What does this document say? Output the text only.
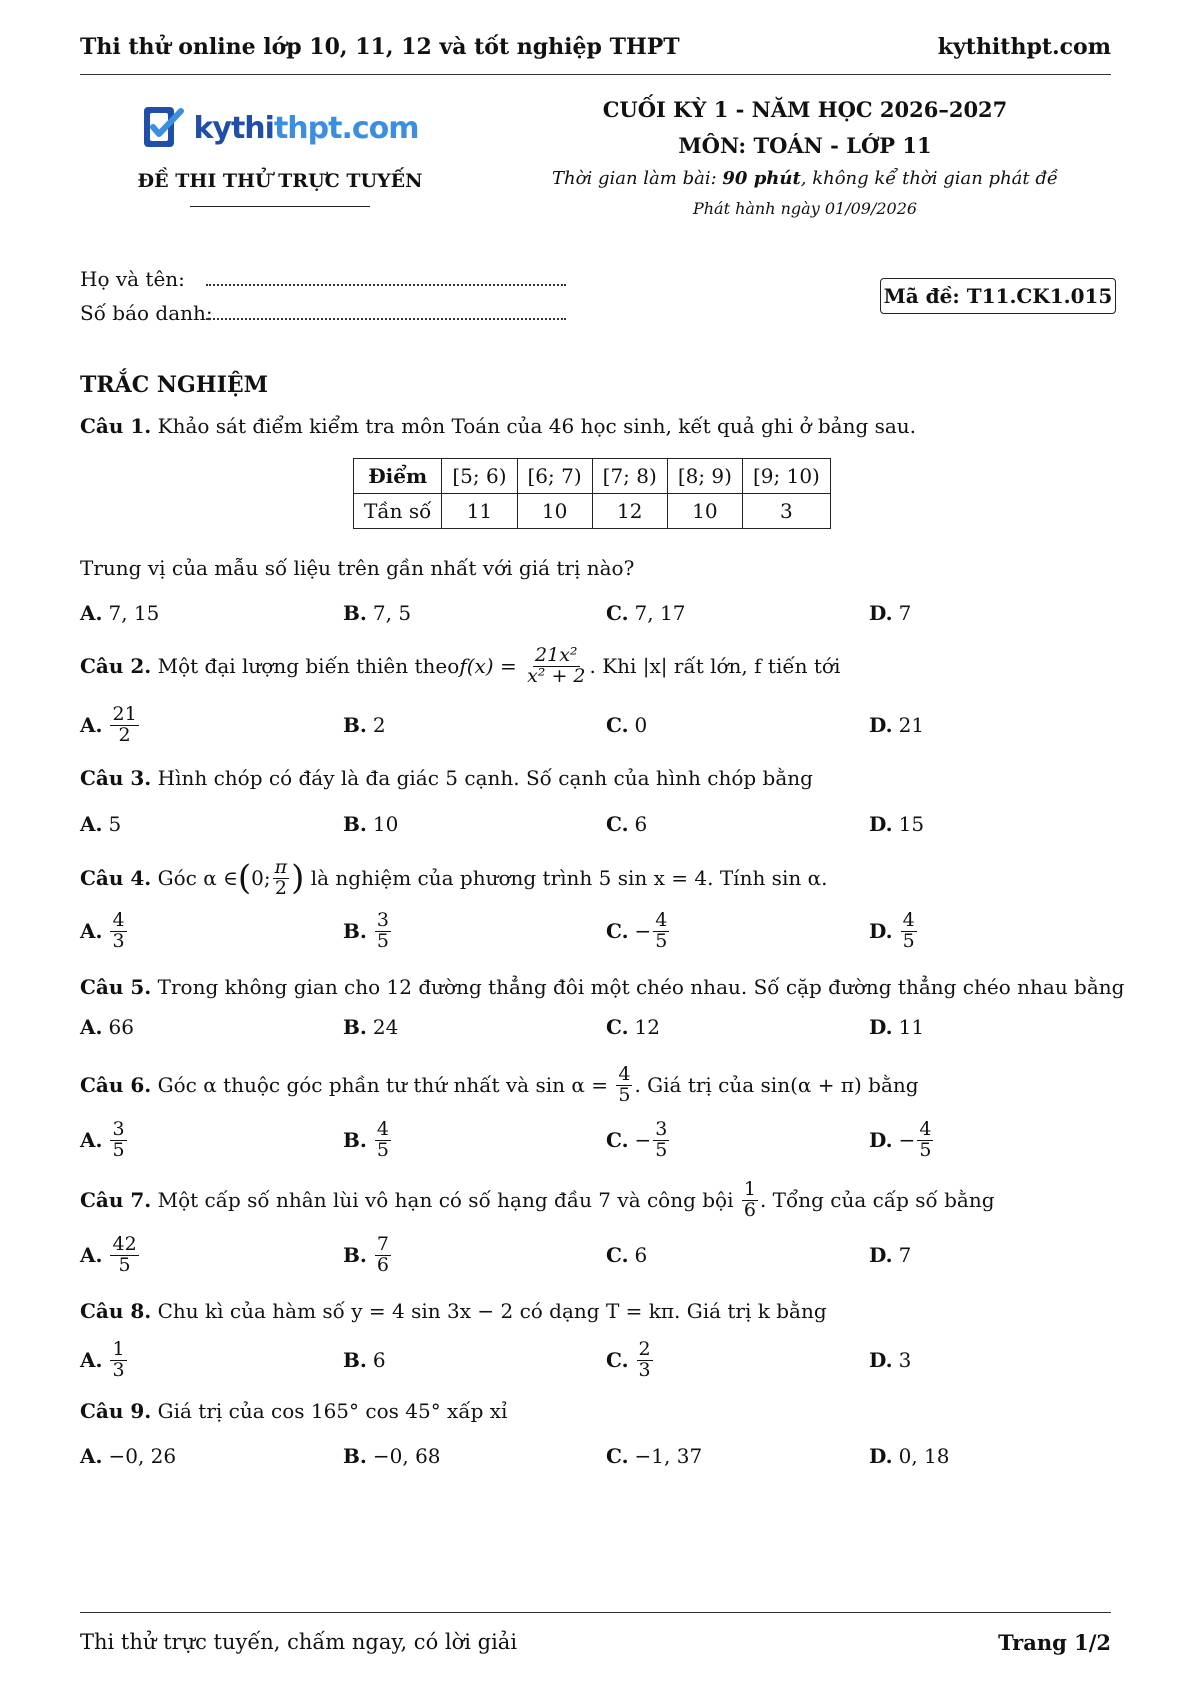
Thi thử online lớp 10, 11, 12 và tốt nghiệp THPT	kythithpt.com
kythithpt.com
ĐỀ THI THỬ TRỰC TUYẾN
CUỐI KỲ 1 - NĂM HỌC 2026–2027
MÔN: TOÁN - LỚP 11
Thời gian làm bài: 90 phút, không kể thời gian phát đề
Phát hành ngày 01/09/2026
Họ và tên:
Số báo danh:
Mã đề: T11.CK1.015
TRẮC NGHIỆM
Câu 1. Khảo sát điểm kiểm tra môn Toán của 46 học sinh, kết quả ghi ở bảng sau.
Điểm	[5; 6)	[6; 7)	[7; 8)	[8; 9)	[9; 10)
Tần số	11	10	12	10	3
Trung vị của mẫu số liệu trên gần nhất với giá trị nào?
A. 7, 15	B. 7, 5	C. 7, 17	D. 7
Câu 2.
Một đại lượng biến thiên theo f(x) =
$\frac{\text{21x²}}{\text{x² + 2}}$ . Khi |x| rất lớn, f tiến tới
A. $\frac{21}{2}$	B. 2	C. 0	D. 21
Câu 3. Hình chóp có đáy là đa giác 5 cạnh. Số cạnh của hình chóp bằng
A. 5	B. 10	C. 6	D. 15
Câu 4.
Góc α ∈ ( 0; $\frac{\pi}{2}$ )
là nghiệm của phương trình 5 sin x = 4. Tính sin α.
A. $\frac{4}{3}$	B. $\frac{3}{5}$	C. − $\frac{4}{5}$	D. $\frac{4}{5}$
Câu 5. Trong không gian cho 12 đường thẳng đôi một chéo nhau. Số cặp đường thẳng chéo nhau bằng
A. 66	B. 24	C. 12	D. 11
Câu 6.
Góc α thuộc góc phần tư thứ nhất và sin α =
$\frac{4}{5}$ . Giá trị của sin(α + π) bằng
A. $\frac{3}{5}$	B. $\frac{4}{5}$	C. − $\frac{3}{5}$	D. − $\frac{4}{5}$
Câu 7.
Một cấp số nhân lùi vô hạn có số hạng đầu 7 và công bội
$\frac{1}{6}$ . Tổng của cấp số bằng
A. $\frac{42}{5}$	B. $\frac{7}{6}$	C. 6	D. 7
Câu 8. Chu kì của hàm số y = 4 sin 3x − 2 có dạng T = kπ. Giá trị k bằng
A. $\frac{1}{3}$	B. 6	C. $\frac{2}{3}$	D. 3
Câu 9. Giá trị của cos 165° cos 45° xấp xỉ
A. −0, 26	B. −0, 68	C. −1, 37	D. 0, 18
Thi thử trực tuyến, chấm ngay, có lời giải	Trang 1/2
